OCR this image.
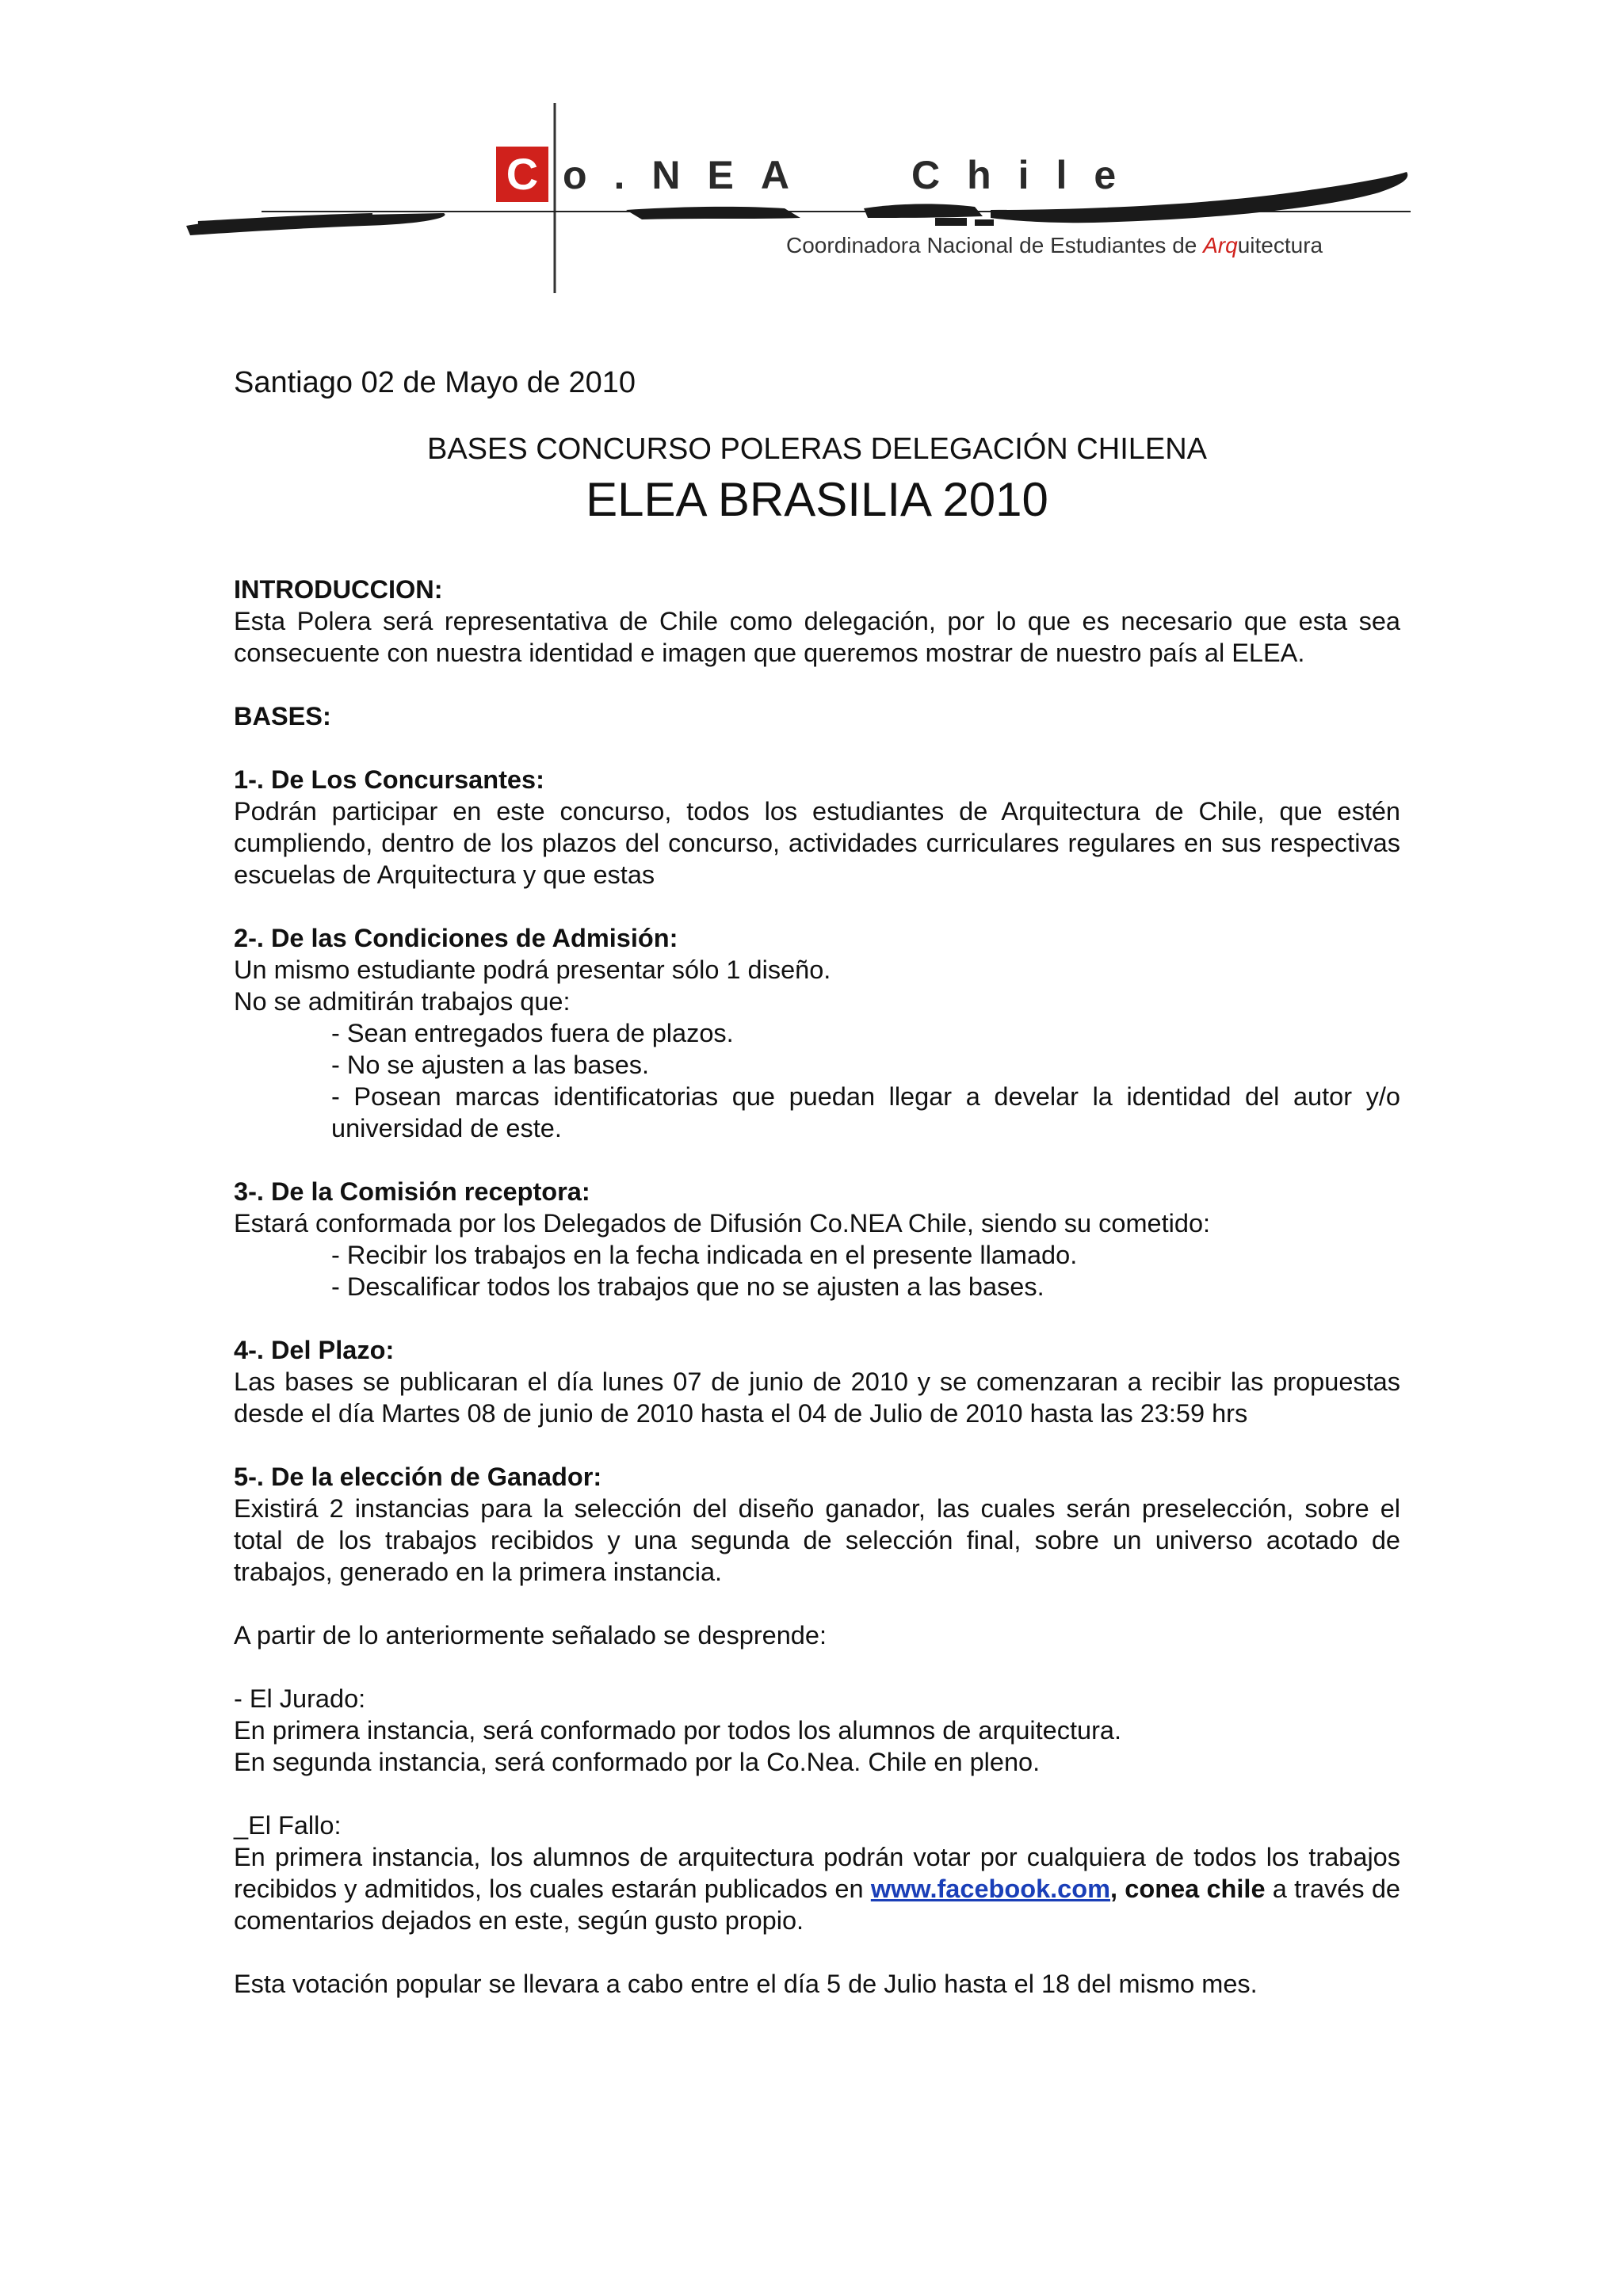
C o.NEA Chile
Coordinadora Nacional de Estudiantes de Arquitectura

Santiago 02 de Mayo de 2010

BASES CONCURSO POLERAS DELEGACIÓN CHILENA

ELEA BRASILIA 2010

INTRODUCCION:

Esta Polera será representativa de Chile como delegación, por lo que es necesario que esta sea consecuente con nuestra identidad e imagen que queremos mostrar de nuestro país al ELEA.

BASES:

1-. De Los Concursantes:

Podrán participar en este concurso, todos los estudiantes de Arquitectura de Chile, que estén cumpliendo, dentro de los plazos del concurso, actividades curriculares regulares en sus respectivas escuelas de Arquitectura y que estas

2-. De las Condiciones de Admisión:

Un mismo estudiante podrá presentar sólo 1 diseño.

No se admitirán trabajos que:

- Sean entregados fuera de plazos.

- No se ajusten a las bases.

- Posean marcas identificatorias que puedan llegar a develar la identidad del autor y/o universidad de este.

3-. De la Comisión receptora:

Estará conformada por los Delegados de Difusión Co.NEA Chile, siendo su cometido:

- Recibir los trabajos en la fecha indicada en el presente llamado.

- Descalificar todos los trabajos que no se ajusten a las bases.

4-. Del Plazo:

Las bases se publicaran el día lunes 07 de junio de 2010 y se comenzaran a recibir las propuestas desde el día Martes 08 de junio de 2010 hasta el 04 de Julio de 2010 hasta las 23:59 hrs

5-. De la elección de Ganador:

Existirá 2 instancias para la selección del diseño ganador, las cuales serán preselección, sobre el total de los trabajos recibidos y una segunda de selección final, sobre un universo acotado de trabajos, generado en la primera instancia.

A partir de lo anteriormente señalado se desprende:

- El Jurado:

En primera instancia, será conformado por todos los alumnos de arquitectura.

En segunda instancia, será conformado por la Co.Nea. Chile en pleno.

_El Fallo:

En primera instancia, los alumnos de arquitectura podrán votar por cualquiera de todos los trabajos recibidos y admitidos, los cuales estarán publicados en www.facebook.com, conea chile a través de comentarios dejados en este, según gusto propio.

Esta votación popular se llevara a cabo entre el día 5 de Julio hasta el 18 del mismo mes.
